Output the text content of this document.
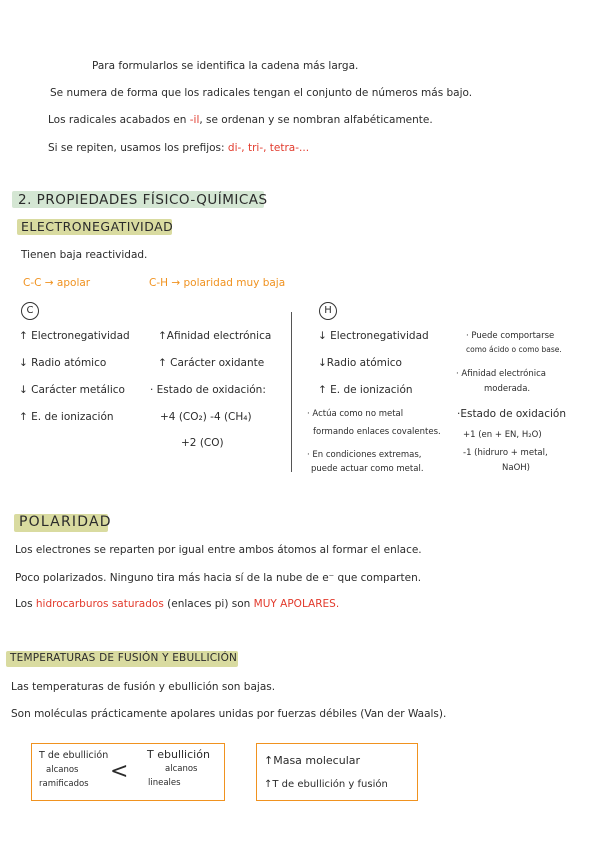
Para formularlos se identifica la cadena más larga.
Se numera de forma que los radicales tengan el conjunto de números más bajo.
Los radicales acabados en -il, se ordenan y se nombran alfabéticamente.
Si se repiten, usamos los prefijos: di-, tri-, tetra-...
2. PROPIEDADES FÍSICO-QUÍMICAS
ELECTRONEGATIVIDAD
Tienen baja reactividad.
C-C → apolar	C-H → polaridad muy baja
C	H
↑ Electronegatividad
↓ Radio atómico
↓ Carácter metálico
↑ E. de ionización
↑Afinidad electrónica
↑ Carácter oxidante
· Estado de oxidación:
+4 (CO₂) -4 (CH₄)
+2 (CO)
↓ Electronegatividad
↓Radio atómico
↑ E. de ionización
· Actúa como no metal
formando enlaces covalentes.
· En condiciones extremas,
puede actuar como metal.
· Puede comportarse
como ácido o como base.
· Afinidad electrónica
moderada.
·Estado de oxidación
+1 (en + EN, H₂O)
-1 (hidruro + metal,
NaOH)
POLARIDAD
Los electrones se reparten por igual entre ambos átomos al formar el enlace.
Poco polarizados. Ninguno tira más hacia sí de la nube de e⁻ que comparten.
Los hidrocarburos saturados (enlaces pi) son MUY APOLARES.
TEMPERATURAS DE FUSIÓN Y EBULLICIÓN
Las temperaturas de fusión y ebullición son bajas.
Son moléculas prácticamente apolares unidas por fuerzas débiles (Van der Waals).
T de ebullición
alcanos
ramificados <
T ebullición
alcanos
lineales
↑Masa molecular
↑T de ebullición y fusión
